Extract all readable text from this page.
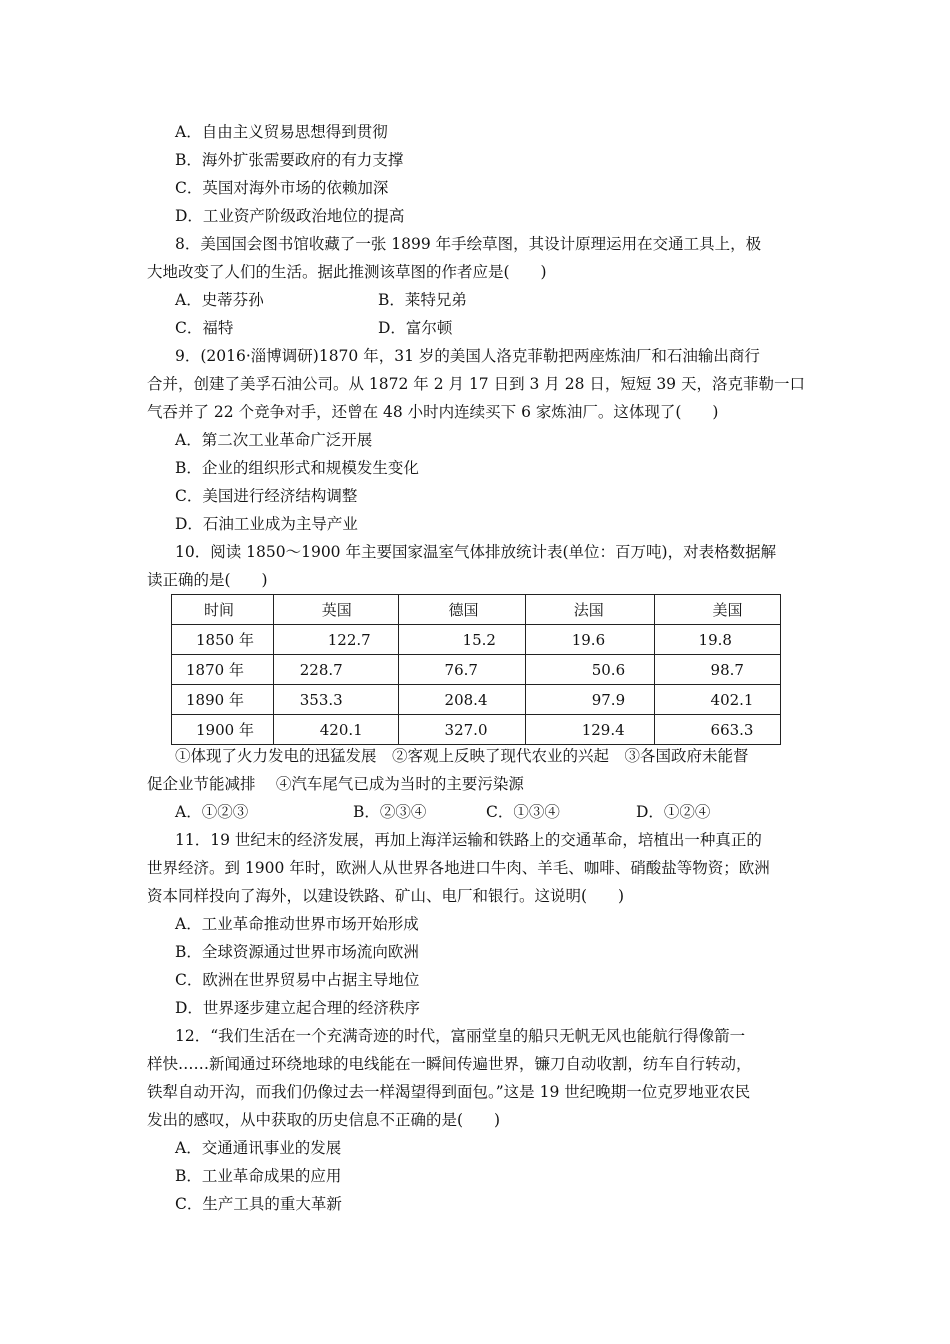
A．自由主义贸易思想得到贯彻
B．海外扩张需要政府的有力支撑
C．英国对海外市场的依赖加深
D．工业资产阶级政治地位的提高
8．美国国会图书馆收藏了一张 1899 年手绘草图，其设计原理运用在交通工具上，极
大地改变了人们的生活。据此推测该草图的作者应是(　　)
A．史蒂芬孙	B．莱特兄弟
C．福特	D．富尔顿
9．(2016·淄博调研)1870 年，31 岁的美国人洛克菲勒把两座炼油厂和石油输出商行
合并，创建了美孚石油公司。从 1872 年 2 月 17 日到 3 月 28 日，短短 39 天，洛克菲勒一口
气吞并了 22 个竞争对手，还曾在 48 小时内连续买下 6 家炼油厂。这体现了(　　)
A．第二次工业革命广泛开展
B．企业的组织形式和规模发生变化
C．美国进行经济结构调整
D．石油工业成为主导产业
10．阅读 1850～1900 年主要国家温室气体排放统计表(单位：百万吨)，对表格数据解
读正确的是(　　)
时间	英国	德国	法国	美国
1850 年	122.7	15.2	19.6	19.8
1870 年	228.7	76.7	50.6	98.7
1890 年	353.3	208.4	97.9	402.1
1900 年	420.1	327.0	129.4	663.3
①体现了火力发电的迅猛发展　②客观上反映了现代农业的兴起　③各国政府未能督
促企业节能减排　 ④汽车尾气已成为当时的主要污染源
A．①②③	B．②③④	C．①③④	D．①②④
11．19 世纪末的经济发展，再加上海洋运输和铁路上的交通革命，培植出一种真正的
世界经济。到 1900 年时，欧洲人从世界各地进口牛肉、羊毛、咖啡、硝酸盐等物资；欧洲
资本同样投向了海外，以建设铁路、矿山、电厂和银行。这说明(　　)
A．工业革命推动世界市场开始形成
B．全球资源通过世界市场流向欧洲
C．欧洲在世界贸易中占据主导地位
D．世界逐步建立起合理的经济秩序
12．“我们生活在一个充满奇迹的时代，富丽堂皇的船只无帆无风也能航行得像箭一
样快……新闻通过环绕地球的电线能在一瞬间传遍世界，镰刀自动收割，纺车自行转动，
铁犁自动开沟，而我们仍像过去一样渴望得到面包。”这是 19 世纪晚期一位克罗地亚农民
发出的感叹，从中获取的历史信息不正确的是(　　)
A．交通通讯事业的发展
B．工业革命成果的应用
C．生产工具的重大革新
